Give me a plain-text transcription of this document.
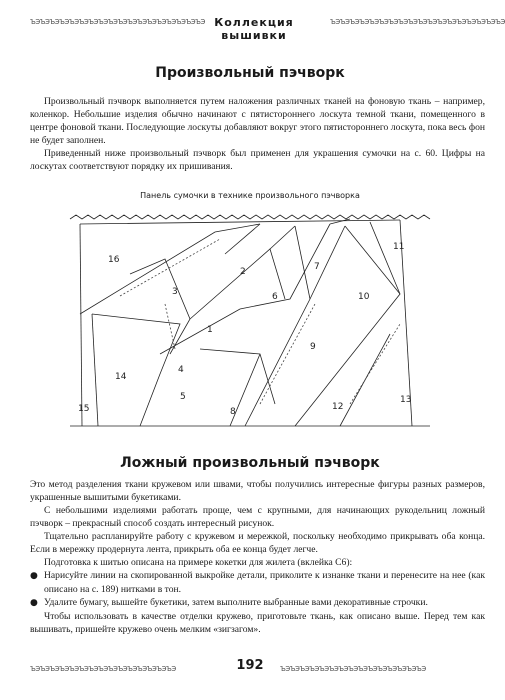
ЪЭЪЭЪЭЪЭЪЭЪЭЪЭЪЭЪЭЪЭЪЭЪЭЪЭЪЭЪЭЪЭЪЭЪЭ Коллекция вышивки
ЪЭЪЭЪЭЪЭЪЭЪЭЪЭЪЭЪЭЪЭЪЭЪЭЪЭЪЭЪЭЪЭЪЭЪЭ
Произвольный пэчворк

Произвольный пэчворк выполняется путем наложения различных тканей на фоновую ткань – например, коленкор. Небольшие изделия обычно начинают с пятистороннего лоскута темной ткани, помещенного в центре фоновой ткани. Последующие лоскуты добавляют вокруг этого пятистороннего лоскута, пока весь фон не будет заполнен.

Приведенный ниже произвольный пэчворк был применен для украшения сумочки на с. 60. Цифры на лоскутах соответствуют порядку их пришивания.

Панель сумочки в технике произвольного пэчворка
16
3
2	7
10
11
6
1
9
14
5
8	12
13
4
15
Ложный произвольный пэчворк

Это метод разделения ткани кружевом или швами, чтобы получились интересные фигуры разных размеров, украшенные вышитыми букетиками.

С небольшими изделиями работать проще, чем с крупными, для начинающих рукодельниц ложный пэчворк – прекрасный способ создать интересный рисунок.

Тщательно распланируйте работу с кружевом и мережкой, поскольку необходимо прикрывать оба конца. Если в мережку продернута лента, прикрыть оба ее конца будет легче.

Подготовка к шитью описана на примере кокетки для жилета (вклейка С6):

● Нарисуйте линии на скопированной выкройке детали, приколите к изнанке ткани и перенесите на нее (как описано на с. 189) нитками в тон.

● Удалите бумагу, вышейте букетики, затем выполните выбранные вами декоративные строчки.

Чтобы использовать в качестве отделки кружево, приготовьте ткань, как описано выше. Перед тем как вышивать, пришейте кружево очень мелким «зигзагом».

ЪЭЪЭЪЭЪЭЪЭЪЭЪЭЪЭЪЭЪЭЪЭЪЭЪЭЪЭЪЭ	192	ЪЭЪЭЪЭЪЭЪЭЪЭЪЭЪЭЪЭЪЭЪЭЪЭЪЭЪЭЪЭ
